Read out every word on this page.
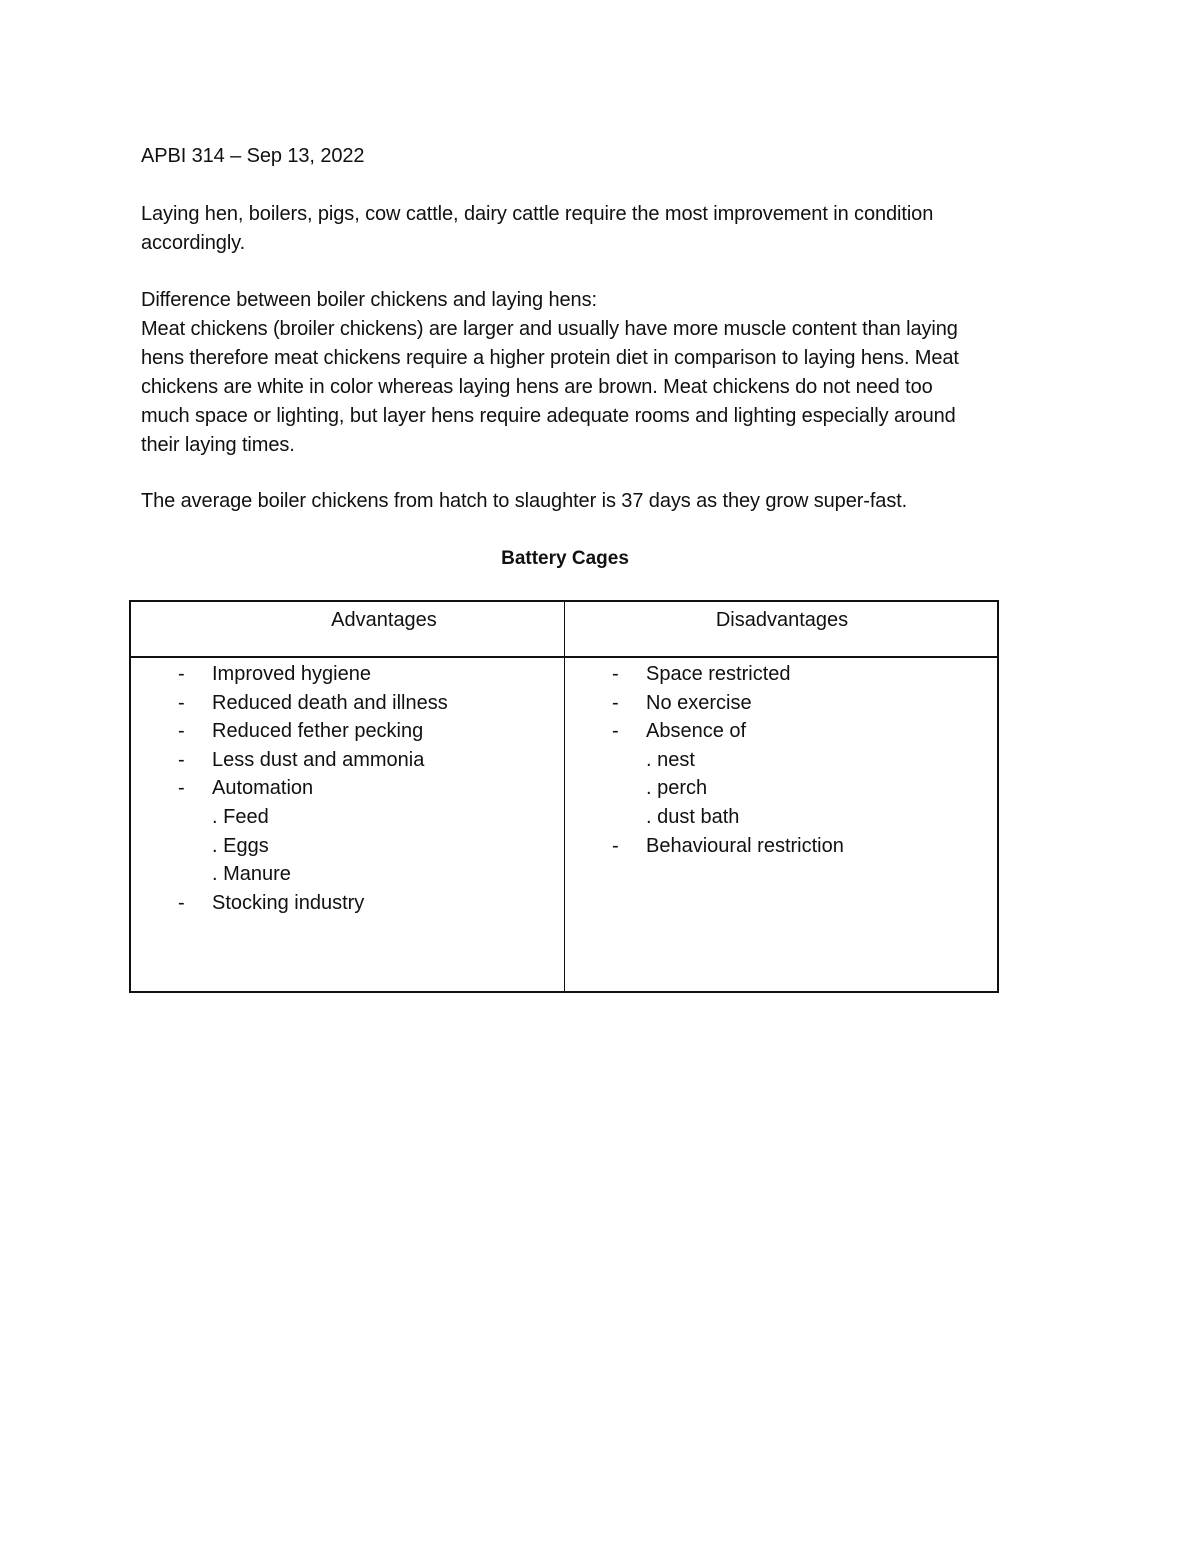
APBI 314 – Sep 13, 2022
Laying hen, boilers, pigs, cow cattle, dairy cattle require the most improvement in condition
accordingly.
Difference between boiler chickens and laying hens:
Meat chickens (broiler chickens) are larger and usually have more muscle content than laying
hens therefore meat chickens require a higher protein diet in comparison to laying hens. Meat
chickens are white in color whereas laying hens are brown. Meat chickens do not need too
much space or lighting, but layer hens require adequate rooms and lighting especially around
their laying times.
The average boiler chickens from hatch to slaughter is 37 days as they grow super-fast.
Battery Cages
Advantages	Disadvantages
- Improved hygiene
- Reduced death and illness
- Reduced fether pecking
- Less dust and ammonia
- Automation
. Feed
. Eggs
. Manure
- Stocking industry
- Space restricted
- No exercise
- Absence of
. nest
. perch
. dust bath
- Behavioural restriction
